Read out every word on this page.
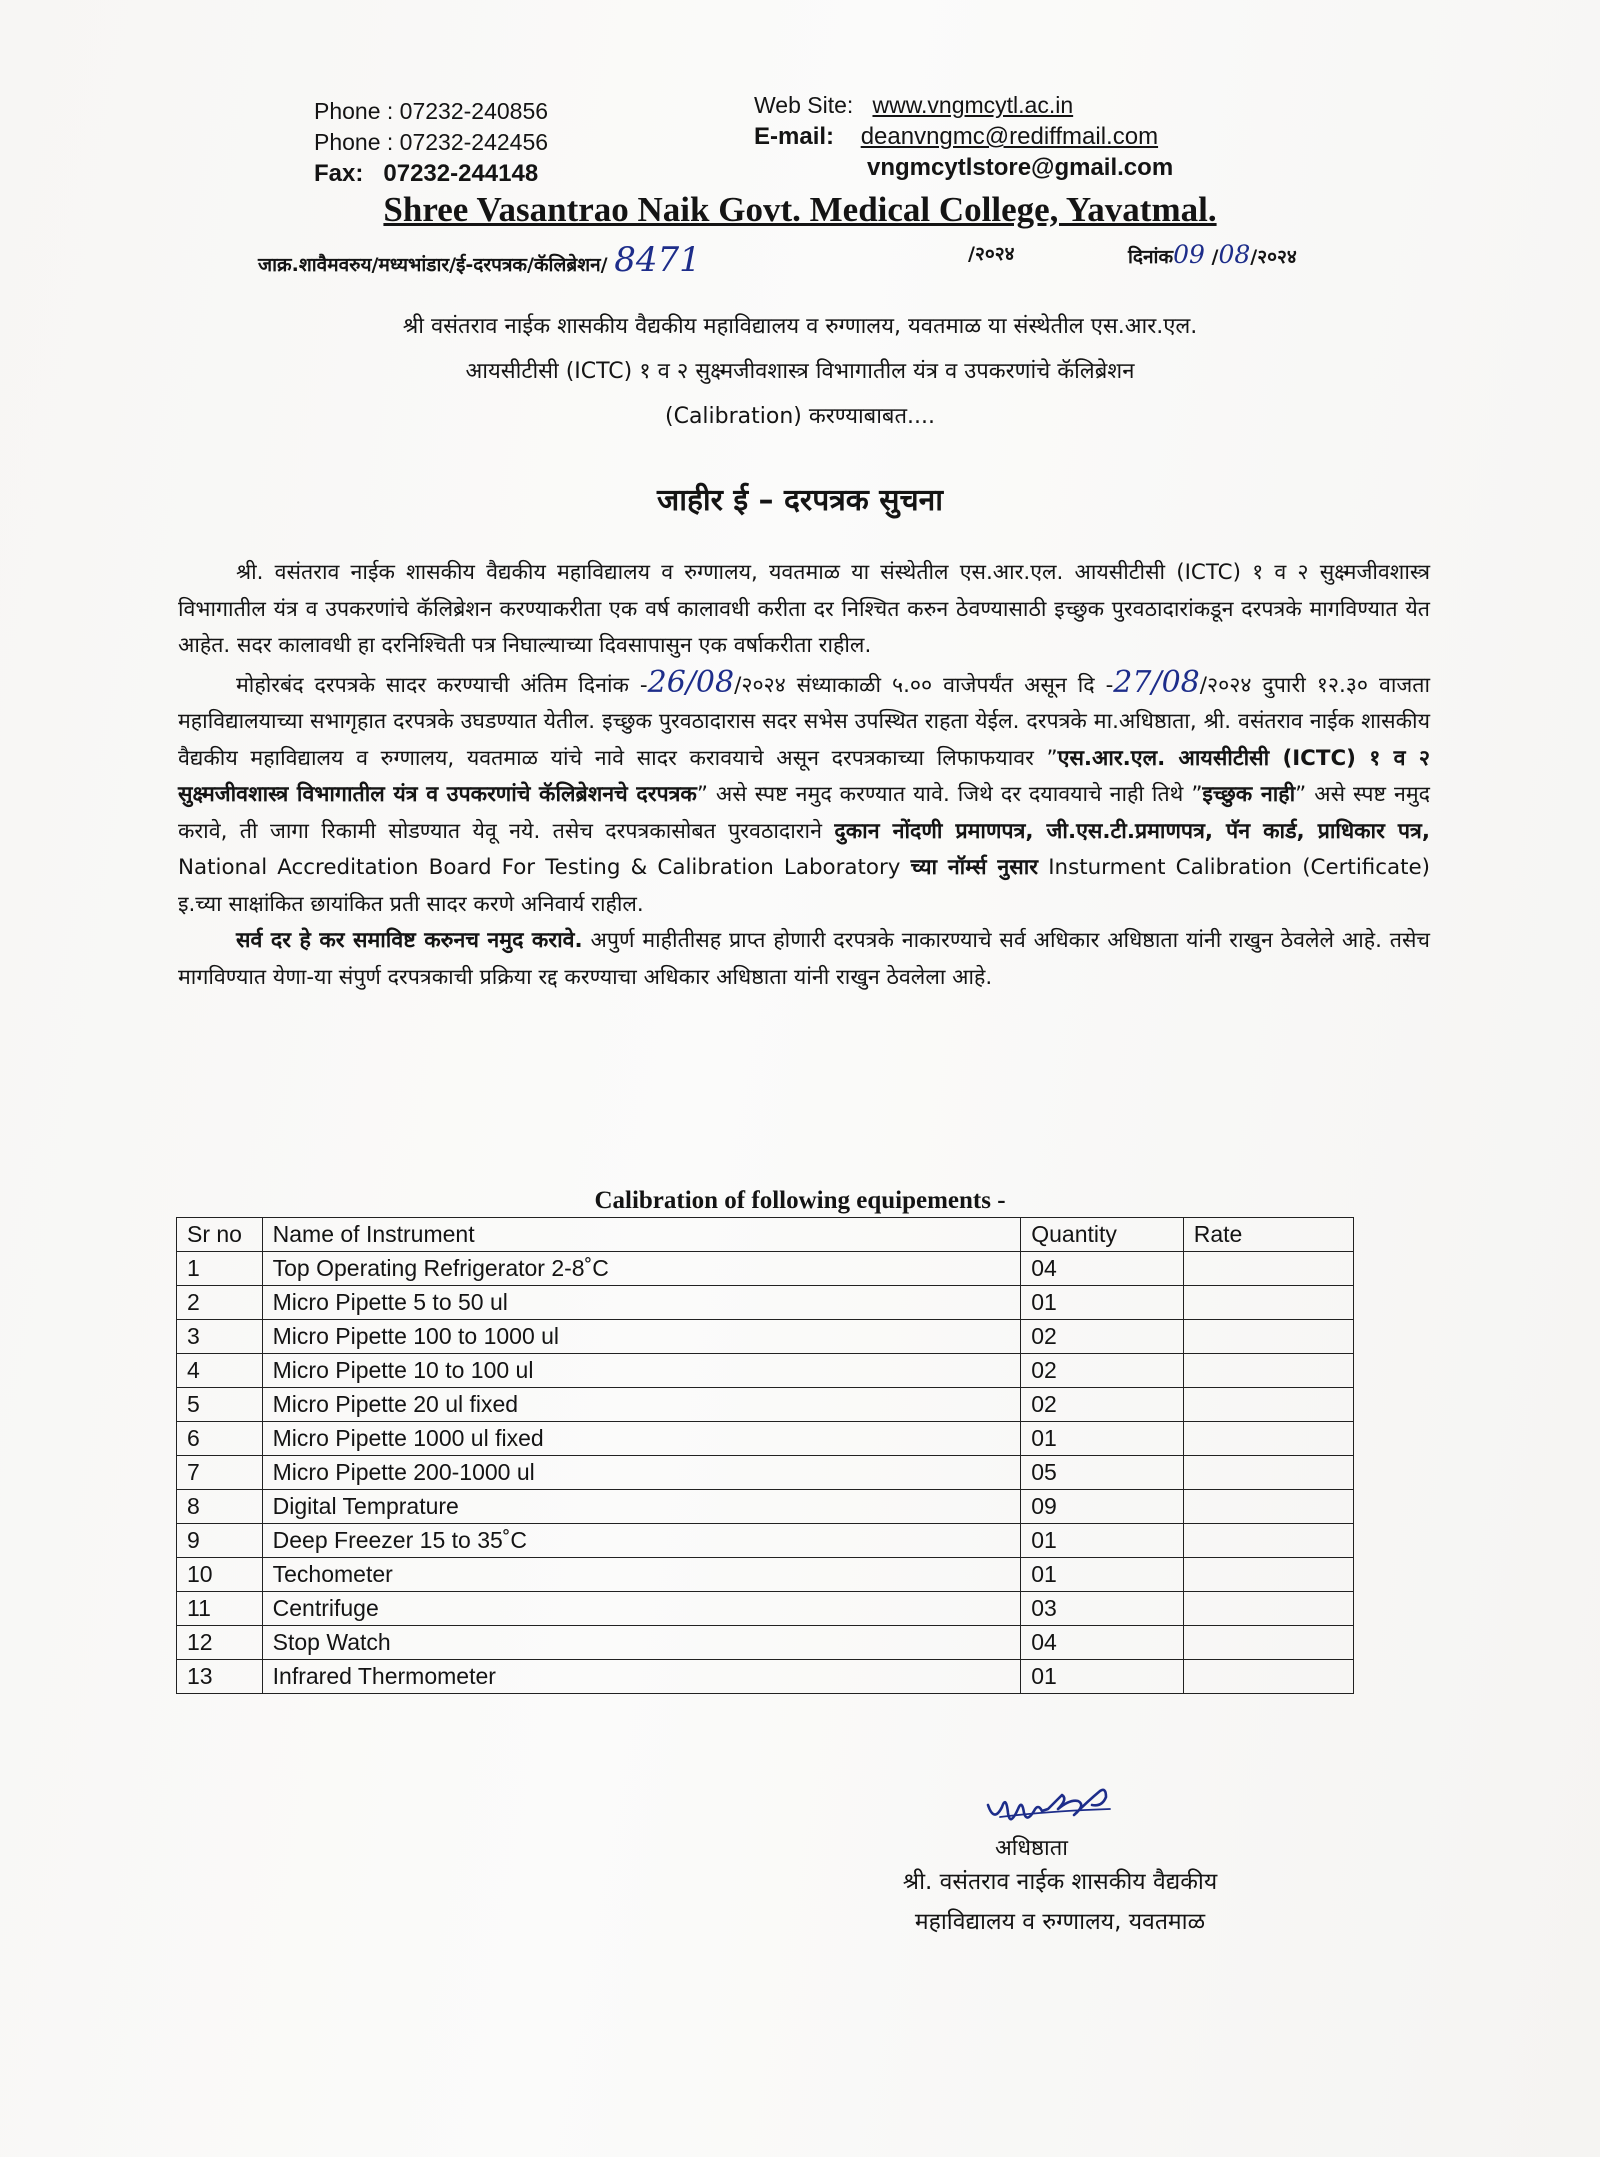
Phone : 07232-240856
Phone : 07232-242456
Fax: 07232-244148
Web Site: www.vngmcytl.ac.in
E-mail: deanvngmc@rediffmail.com
vngmcytlstore@gmail.com
Shree Vasantrao Naik Govt. Medical College, Yavatmal.
जाक्र.शावैमवरुय/मध्यभांडार/ई-दरपत्रक/कॅलिब्रेशन/ 8471	/२०२४	दिनांक09 /08/२०२४
श्री वसंतराव नाईक शासकीय वैद्यकीय महाविद्यालय व रुग्णालय, यवतमाळ या संस्थेतील एस.आर.एल.
आयसीटीसी (ICTC) १ व २ सुक्ष्मजीवशास्त्र विभागातील यंत्र व उपकरणांचे कॅलिब्रेशन
(Calibration) करण्याबाबत....
जाहीर ई – दरपत्रक सुचना

श्री. वसंतराव नाईक शासकीय वैद्यकीय महाविद्यालय व रुग्णालय, यवतमाळ या संस्थेतील एस.आर.एल. आयसीटीसी (ICTC) १ व २ सुक्ष्मजीवशास्त्र विभागातील यंत्र व उपकरणांचे कॅलिब्रेशन करण्याकरीता एक वर्ष कालावधी करीता दर निश्चित करुन ठेवण्यासाठी इच्छुक पुरवठादारांकडून दरपत्रके मागविण्यात येत आहेत. सदर कालावधी हा दरनिश्चिती पत्र निघाल्याच्या दिवसापासुन एक वर्षाकरीता राहील.

मोहोरबंद दरपत्रके सादर करण्याची अंतिम दिनांक -26/08/२०२४ संध्याकाळी ५.०० वाजेपर्यंत असून दि -27/08/२०२४ दुपारी १२.३० वाजता महाविद्यालयाच्या सभागृहात दरपत्रके उघडण्यात येतील. इच्छुक पुरवठादारास सदर सभेस उपस्थित राहता येईल. दरपत्रके मा.अधिष्ठाता, श्री. वसंतराव नाईक शासकीय वैद्यकीय महाविद्यालय व रुग्णालय, यवतमाळ यांचे नावे सादर करावयाचे असून दरपत्रकाच्या लिफाफयावर ”एस.आर.एल. आयसीटीसी (ICTC) १ व २ सुक्ष्मजीवशास्त्र विभागातील यंत्र व उपकरणांचे कॅलिब्रेशनचे दरपत्रक” असे स्पष्ट नमुद करण्यात यावे. जिथे दर दयावयाचे नाही तिथे ”इच्छुक नाही” असे स्पष्ट नमुद करावे, ती जागा रिकामी सोडण्यात येवू नये. तसेच दरपत्रकासोबत पुरवठादाराने दुकान नोंदणी प्रमाणपत्र, जी.एस.टी.प्रमाणपत्र, पॅन कार्ड, प्राधिकार पत्र, National Accreditation Board For Testing & Calibration Laboratory च्या नॉर्म्स नुसार Insturment Calibration (Certificate) इ.च्या साक्षांकित छायांकित प्रती सादर करणे अनिवार्य राहील.

सर्व दर हे कर समाविष्ट करुनच नमुद करावे. अपुर्ण माहीतीसह प्राप्त होणारी दरपत्रके नाकारण्याचे सर्व अधिकार अधिष्ठाता यांनी राखुन ठेवलेले आहे. तसेच मागविण्यात येणा-या संपुर्ण दरपत्रकाची प्रक्रिया रद्द करण्याचा अधिकार अधिष्ठाता यांनी राखुन ठेवलेला आहे.

Calibration of following equipements -
Sr no	Name of Instrument	Quantity	Rate
1	Top Operating Refrigerator 2-8˚C	04	
2	Micro Pipette 5 to 50 ul	01	
3	Micro Pipette 100 to 1000 ul	02	
4	Micro Pipette 10 to 100 ul	02	
5	Micro Pipette 20 ul fixed	02	
6	Micro Pipette 1000 ul fixed	01	
7	Micro Pipette 200-1000 ul	05	
8	Digital Temprature	09	
9	Deep Freezer 15 to 35˚C	01	
10	Techometer	01	
11	Centrifuge	03	
12	Stop Watch	04	
13	Infrared Thermometer	01	
अधिष्ठाता
श्री. वसंतराव नाईक शासकीय वैद्यकीय
महाविद्यालय व रुग्णालय, यवतमाळ
